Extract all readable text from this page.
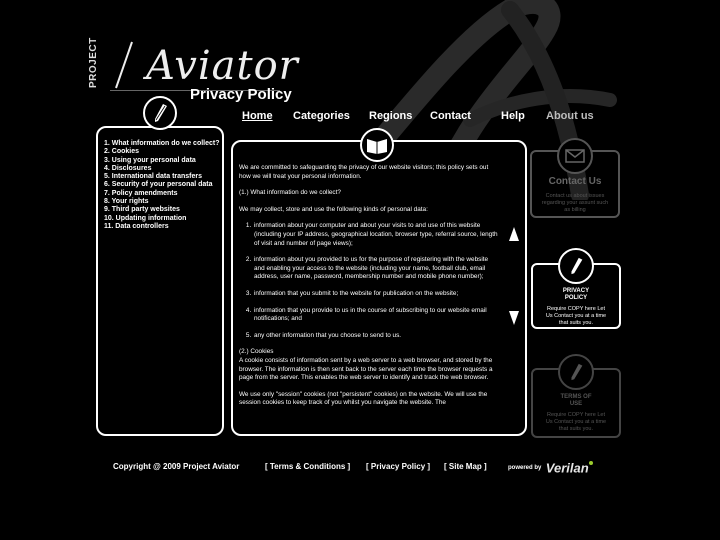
PROJECT Aviator
Privacy Policy
Home Categories Regions Contact	Help About us
1. What information do we collect?
2. Cookies
3. Using your personal data
4. Disclosures
5. International data transfers
6. Security of your personal data
7. Policy amendments
8. Your rights
9. Third party websites
10. Updating information
11. Data controllers

We are committed to safeguarding the privacy of our website visitors; this policy sets out how we will treat your personal information.

(1.) What information do we collect?

We may collect, store and use the following kinds of personal data:

1. information about your computer and about your visits to and use of this website (including your IP address, geographical location, browser type, referral source, length of visit and number of page views);
2. information about you provided to us for the purpose of registering with the website and enabling your access to the website (including your name, football club, email address, user name, password, membership number and mobile phone number);
3. information that you submit to the website for publication on the website;
4. information that you provide to us in the course of subscribing to our website email notifications; and
5. any other information that you choose to send to us.

(2.) Cookies

A cookie consists of information sent by a web server to a web browser, and stored by the browser. The information is then sent back to the server each time the browser requests a page from the server. This enables the web server to identify and track the web browser.

We use only "session" cookies (not "persistent" cookies) on the website. We will use the session cookies to keep track of you whilst you navigate the website. The

Contact Us
Contact us about issues regarding your assunt such as billing
PRIVACY POLICY
Require COPY here Let Us Contact you at a time that suits you.
TERMS OF USE
Require COPY here Let Us Contact you at a time that suits you.
Copyright @ 2009 Project Aviator	[ Terms & Conditions ] [ Privacy Policy ] [ Site Map ]	powered by Verilan
